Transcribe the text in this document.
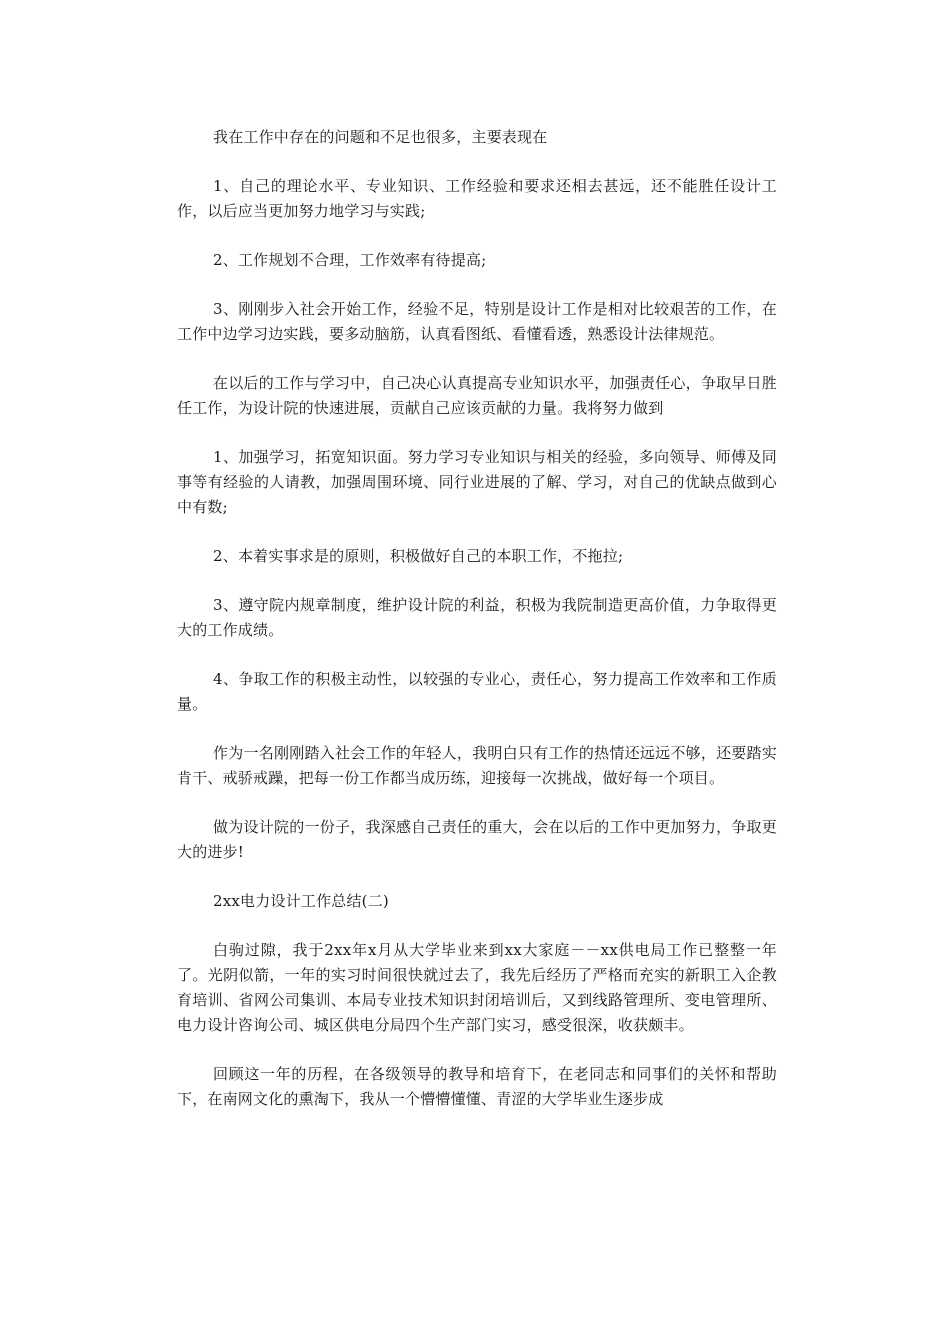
我在工作中存在的问题和不足也很多，主要表现在

1、自己的理论水平、专业知识、工作经验和要求还相去甚远，还不能胜任设计工作，以后应当更加努力地学习与实践;

2、工作规划不合理，工作效率有待提高;

3、刚刚步入社会开始工作，经验不足，特别是设计工作是相对比较艰苦的工作，在工作中边学习边实践，要多动脑筋，认真看图纸、看懂看透，熟悉设计法律规范。

在以后的工作与学习中，自己决心认真提高专业知识水平，加强责任心，争取早日胜任工作，为设计院的快速进展，贡献自己应该贡献的力量。我将努力做到

1、加强学习，拓宽知识面。努力学习专业知识与相关的经验，多向领导、师傅及同事等有经验的人请教，加强周围环境、同行业进展的了解、学习，对自己的优缺点做到心中有数;

2、本着实事求是的原则，积极做好自己的本职工作，不拖拉;

3、遵守院内规章制度，维护设计院的利益，积极为我院制造更高价值，力争取得更大的工作成绩。

4、争取工作的积极主动性，以较强的专业心，责任心，努力提高工作效率和工作质量。

作为一名刚刚踏入社会工作的年轻人，我明白只有工作的热情还远远不够，还要踏实肯干、戒骄戒躁，把每一份工作都当成历练，迎接每一次挑战，做好每一个项目。

做为设计院的一份子，我深感自己责任的重大，会在以后的工作中更加努力，争取更大的进步!

2xx电力设计工作总结(二)

白驹过隙，我于2xx年x月从大学毕业来到xx大家庭－－xx供电局工作已整整一年了。光阴似箭，一年的实习时间很快就过去了，我先后经历了严格而充实的新职工入企教育培训、省网公司集训、本局专业技术知识封闭培训后，又到线路管理所、变电管理所、电力设计咨询公司、城区供电分局四个生产部门实习，感受很深，收获颇丰。

回顾这一年的历程，在各级领导的教导和培育下，在老同志和同事们的关怀和帮助下，在南网文化的熏淘下，我从一个懵懵懂懂、青涩的大学毕业生逐步成
